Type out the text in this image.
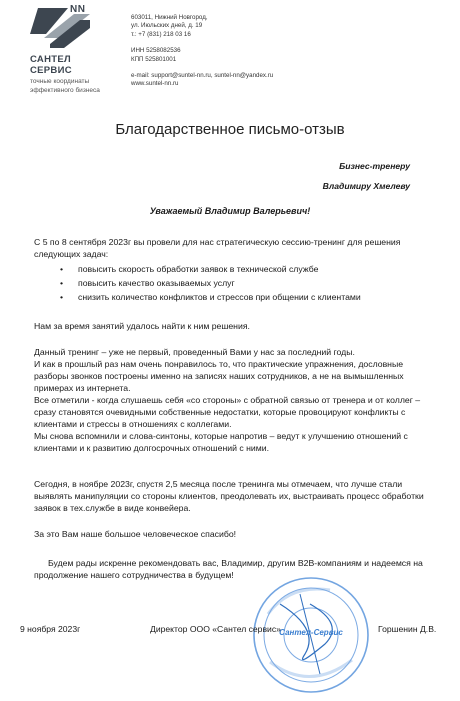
NN
САНТЕЛ
СЕРВИС
точные координаты
эффективного бизнеса
603011, Нижний Новгород,
ул. Июльских дней, д. 19
т.: +7 (831) 218 03 16
ИНН 5258082536
КПП 525801001
e-mail: support@suntel-nn.ru, suntel-nn@yandex.ru
www.suntel-nn.ru
Благодарственное письмо-отзыв
Бизнес-тренеру
Владимиру Хмелеву
Уважаемый Владимир Валерьевич!
С 5 по 8 сентября 2023г вы провели для нас стратегическую сессию-тренинг для решения
следующих задач:
• повысить скорость обработки заявок в технической службе
• повысить качество оказываемых услуг
• снизить количество конфликтов и стрессов при общении с клиентами
Нам за время занятий удалось найти к ним решения.
Данный тренинг – уже не первый, проведенный Вами у нас за последний годы.
И как в прошлый раз нам очень понравилось то, что практические упражнения, дословные
разборы звонков построены именно на записях наших сотрудников, а не на вымышленных
примерах из интернета.
Все отметили - когда слушаешь себя «со стороны» с обратной связью от тренера и от коллег –
сразу становятся очевидными собственные недостатки, которые провоцируют конфликты с
клиентами и стрессы в отношениях с коллегами.
Мы снова вспомнили и слова-синтоны, которые напротив – ведут к улучшению отношений с
клиентами и к развитию долгосрочных отношений с ними.
Сегодня, в ноябре 2023г, спустя 2,5 месяца после тренинга мы отмечаем, что лучше стали
выявлять манипуляции со стороны клиентов, преодолевать их, выстраивать процесс обработки
заявок в тех.службе в виде конвейера.
За это Вам наше большое человеческое спасибо!
Будем рады искренне рекомендовать вас, Владимир, другим B2B-компаниям и надеемся на
продолжение нашего сотрудничества в будущем!
Сантел-Сервис
9 ноября 2023г	Директор ООО «Сантел сервис»	Горшенин Д.В.
